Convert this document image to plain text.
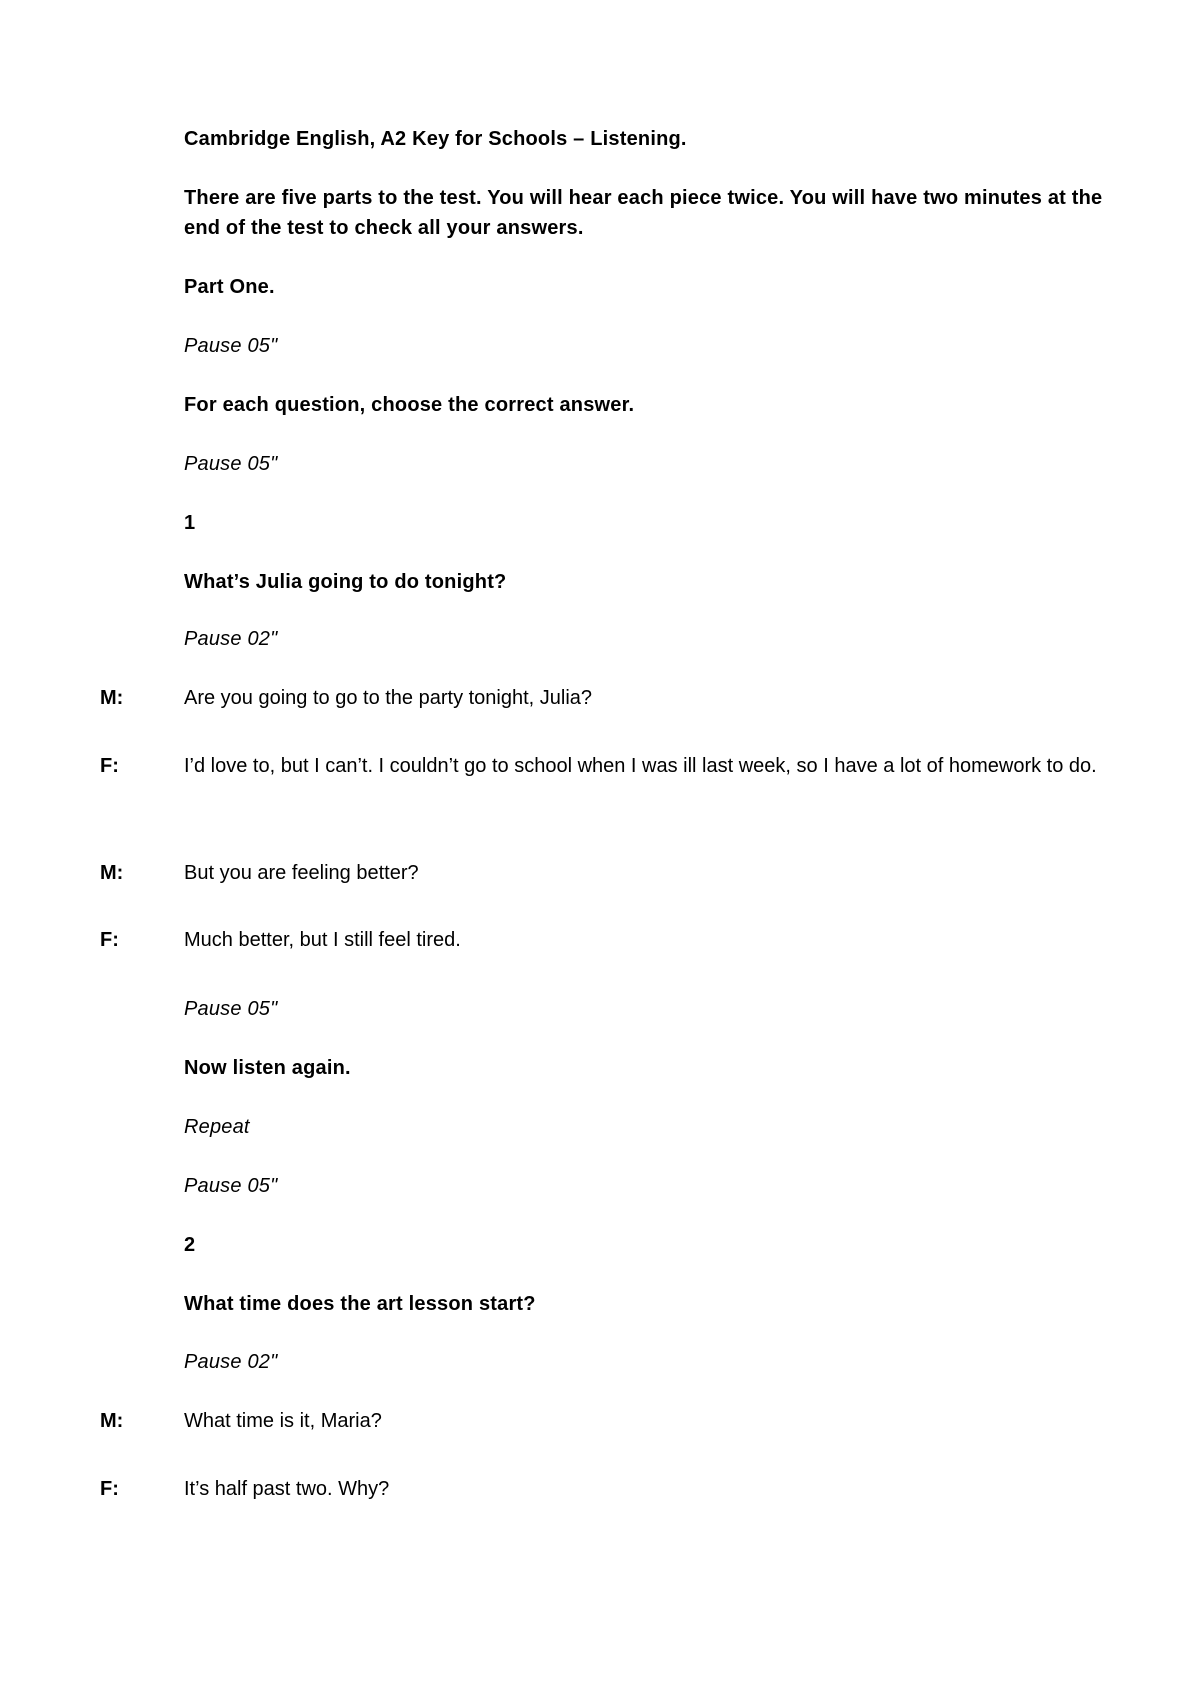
Cambridge English, A2 Key for Schools – Listening.

There are five parts to the test. You will hear each piece twice. You will have two minutes at the end of the test to check all your answers.

Part One.

Pause 05"

For each question, choose the correct answer.

Pause 05"

1

What’s Julia going to do tonight?

Pause 02"

M:	Are you going to go to the party tonight, Julia?

F:	I’d love to, but I can’t. I couldn’t go to school when I was ill last week, so I have a lot of homework to do.

M:	But you are feeling better?

F:	Much better, but I still feel tired.

Pause 05"

Now listen again.

Repeat

Pause 05"

2

What time does the art lesson start?

Pause 02"

M:	What time is it, Maria?

F:	It’s half past two. Why?
